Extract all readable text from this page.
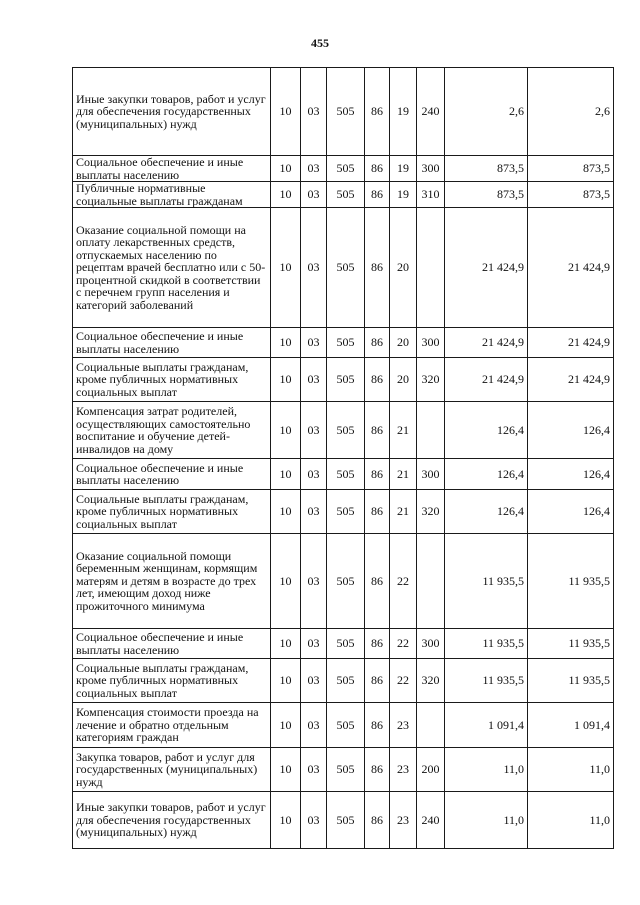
455
Иные закупки товаров, работ и услуг для обеспечения государственных (муниципальных) нужд	10	03	505	86	19	240	2,6	2,6
Социальное обеспечение и иные выплаты населению	10	03	505	86	19	300	873,5	873,5
Публичные нормативные социальные выплаты гражданам	10	03	505	86	19	310	873,5	873,5
Оказание социальной помощи на оплату лекарственных средств, отпускаемых населению по рецептам врачей бесплатно или с 50-процентной скидкой в соответствии с перечнем групп населения и категорий заболеваний	10	03	505	86	20		21 424,9	21 424,9
Социальное обеспечение и иные выплаты населению	10	03	505	86	20	300	21 424,9	21 424,9
Социальные выплаты гражданам, кроме публичных нормативных социальных выплат	10	03	505	86	20	320	21 424,9	21 424,9
Компенсация затрат родителей, осуществляющих самостоятельно воспитание и обучение детей-инвалидов на дому	10	03	505	86	21		126,4	126,4
Социальное обеспечение и иные выплаты населению	10	03	505	86	21	300	126,4	126,4
Социальные выплаты гражданам, кроме публичных нормативных социальных выплат	10	03	505	86	21	320	126,4	126,4
Оказание социальной помощи беременным женщинам, кормящим матерям и детям в возрасте до трех лет, имеющим доход ниже прожиточного минимума	10	03	505	86	22		11 935,5	11 935,5
Социальное обеспечение и иные выплаты населению	10	03	505	86	22	300	11 935,5	11 935,5
Социальные выплаты гражданам, кроме публичных нормативных социальных выплат	10	03	505	86	22	320	11 935,5	11 935,5
Компенсация стоимости проезда на лечение и обратно отдельным категориям граждан	10	03	505	86	23		1 091,4	1 091,4
Закупка товаров, работ и услуг для государственных (муниципальных) нужд	10	03	505	86	23	200	11,0	11,0
Иные закупки товаров, работ и услуг для обеспечения государственных (муниципальных) нужд	10	03	505	86	23	240	11,0	11,0
